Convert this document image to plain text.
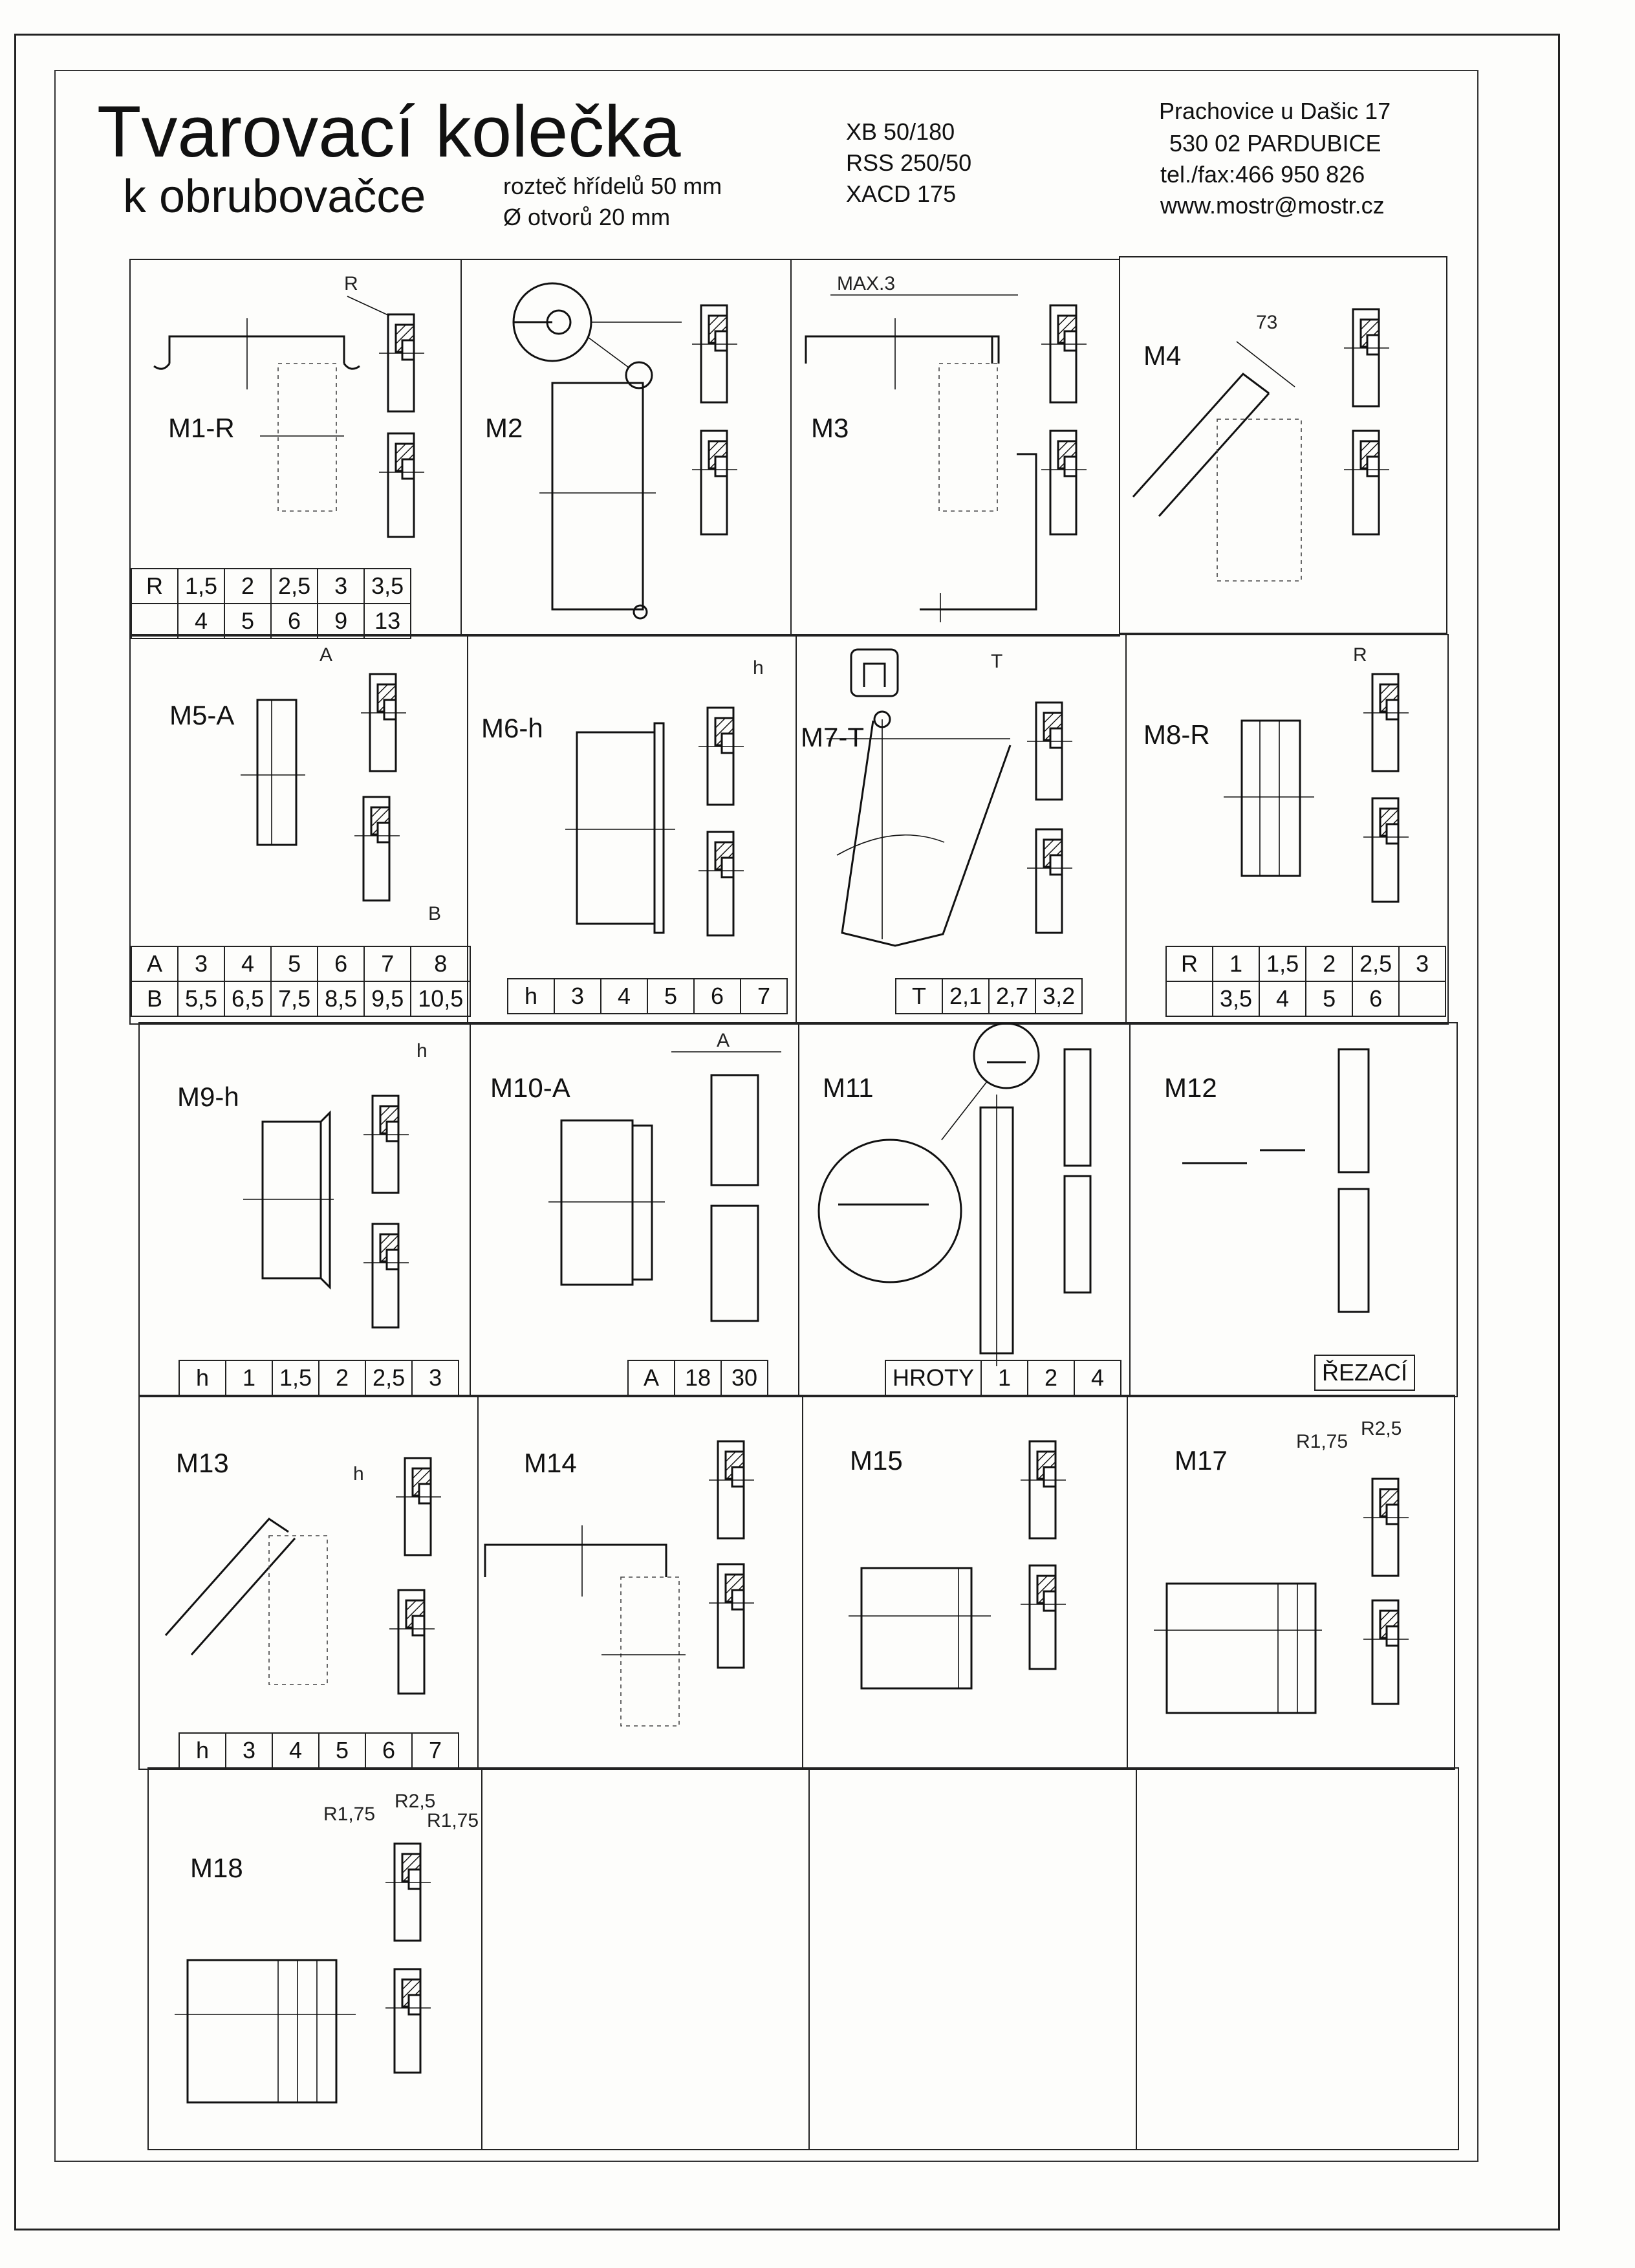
Tvarovací kolečka
k obrubovačce	rozteč hřídelů 50 mm
Ø otvorů 20 mm
XB 50/180
RSS 250/50
XACD 175
Prachovice u Dašic 17
530 02 PARDUBICE
tel./fax:466 950 826
www.mostr@mostr.cz
R
M1-R
R	1,5	2	2,5	3	3,5
	4	5	6	9	13
M2
MAX.3
M3
73
M4
A
B
M5-A
A	3	4	5	6	7	8
B	5,5	6,5	7,5	8,5	9,5	10,5
h
M6-h
h	3	4	5	6	7
T
M7-T
T	2,1	2,7	3,2
R
M8-R
R	1	1,5	2	2,5	3
	3,5	4	5	6	
h
M9-h
h	1	1,5	2	2,5	3
A
M10-A
A	18	30
M11
HROTY	1	2	4
M12
ŘEZACÍ
h
M13
h	3	4	5	6	7
M14	M15
R1,75
R2,5
M17
R1,75
R2,5
R1,75
M18
